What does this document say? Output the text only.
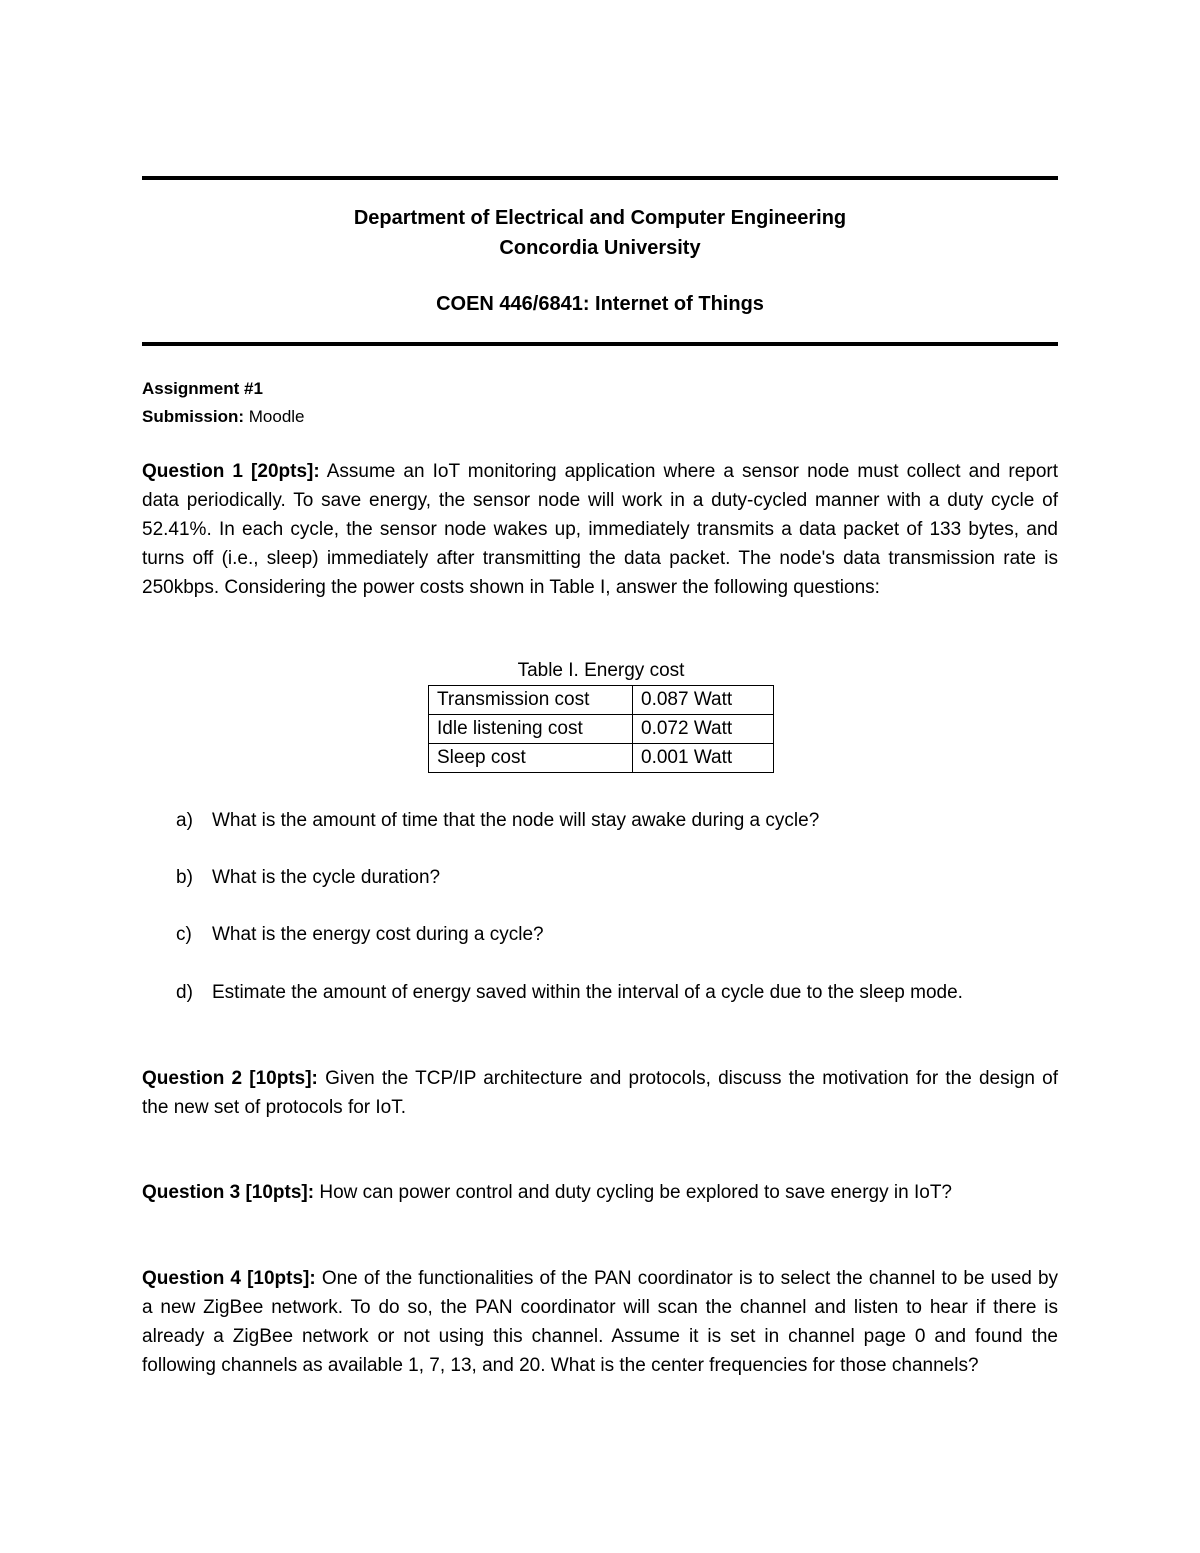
Department of Electrical and Computer Engineering
Concordia University
COEN 446/6841: Internet of Things
Assignment #1
Submission: Moodle
Question 1 [20pts]: Assume an IoT monitoring application where a sensor node must collect and report data periodically. To save energy, the sensor node will work in a duty-cycled manner with a duty cycle of 52.41%. In each cycle, the sensor node wakes up, immediately transmits a data packet of 133 bytes, and turns off (i.e., sleep) immediately after transmitting the data packet. The node's data transmission rate is 250kbps. Considering the power costs shown in Table I, answer the following questions:
Table I. Energy cost
Transmission cost	0.087 Watt
Idle listening cost	0.072 Watt
Sleep cost	0.001 Watt
a) What is the amount of time that the node will stay awake during a cycle?
b) What is the cycle duration?
c) What is the energy cost during a cycle?
d) Estimate the amount of energy saved within the interval of a cycle due to the sleep mode.
Question 2 [10pts]: Given the TCP/IP architecture and protocols, discuss the motivation for the design of the new set of protocols for IoT.
Question 3 [10pts]: How can power control and duty cycling be explored to save energy in IoT?
Question 4 [10pts]: One of the functionalities of the PAN coordinator is to select the channel to be used by a new ZigBee network. To do so, the PAN coordinator will scan the channel and listen to hear if there is already a ZigBee network or not using this channel. Assume it is set in channel page 0 and found the following channels as available 1, 7, 13, and 20. What is the center frequencies for those channels?
